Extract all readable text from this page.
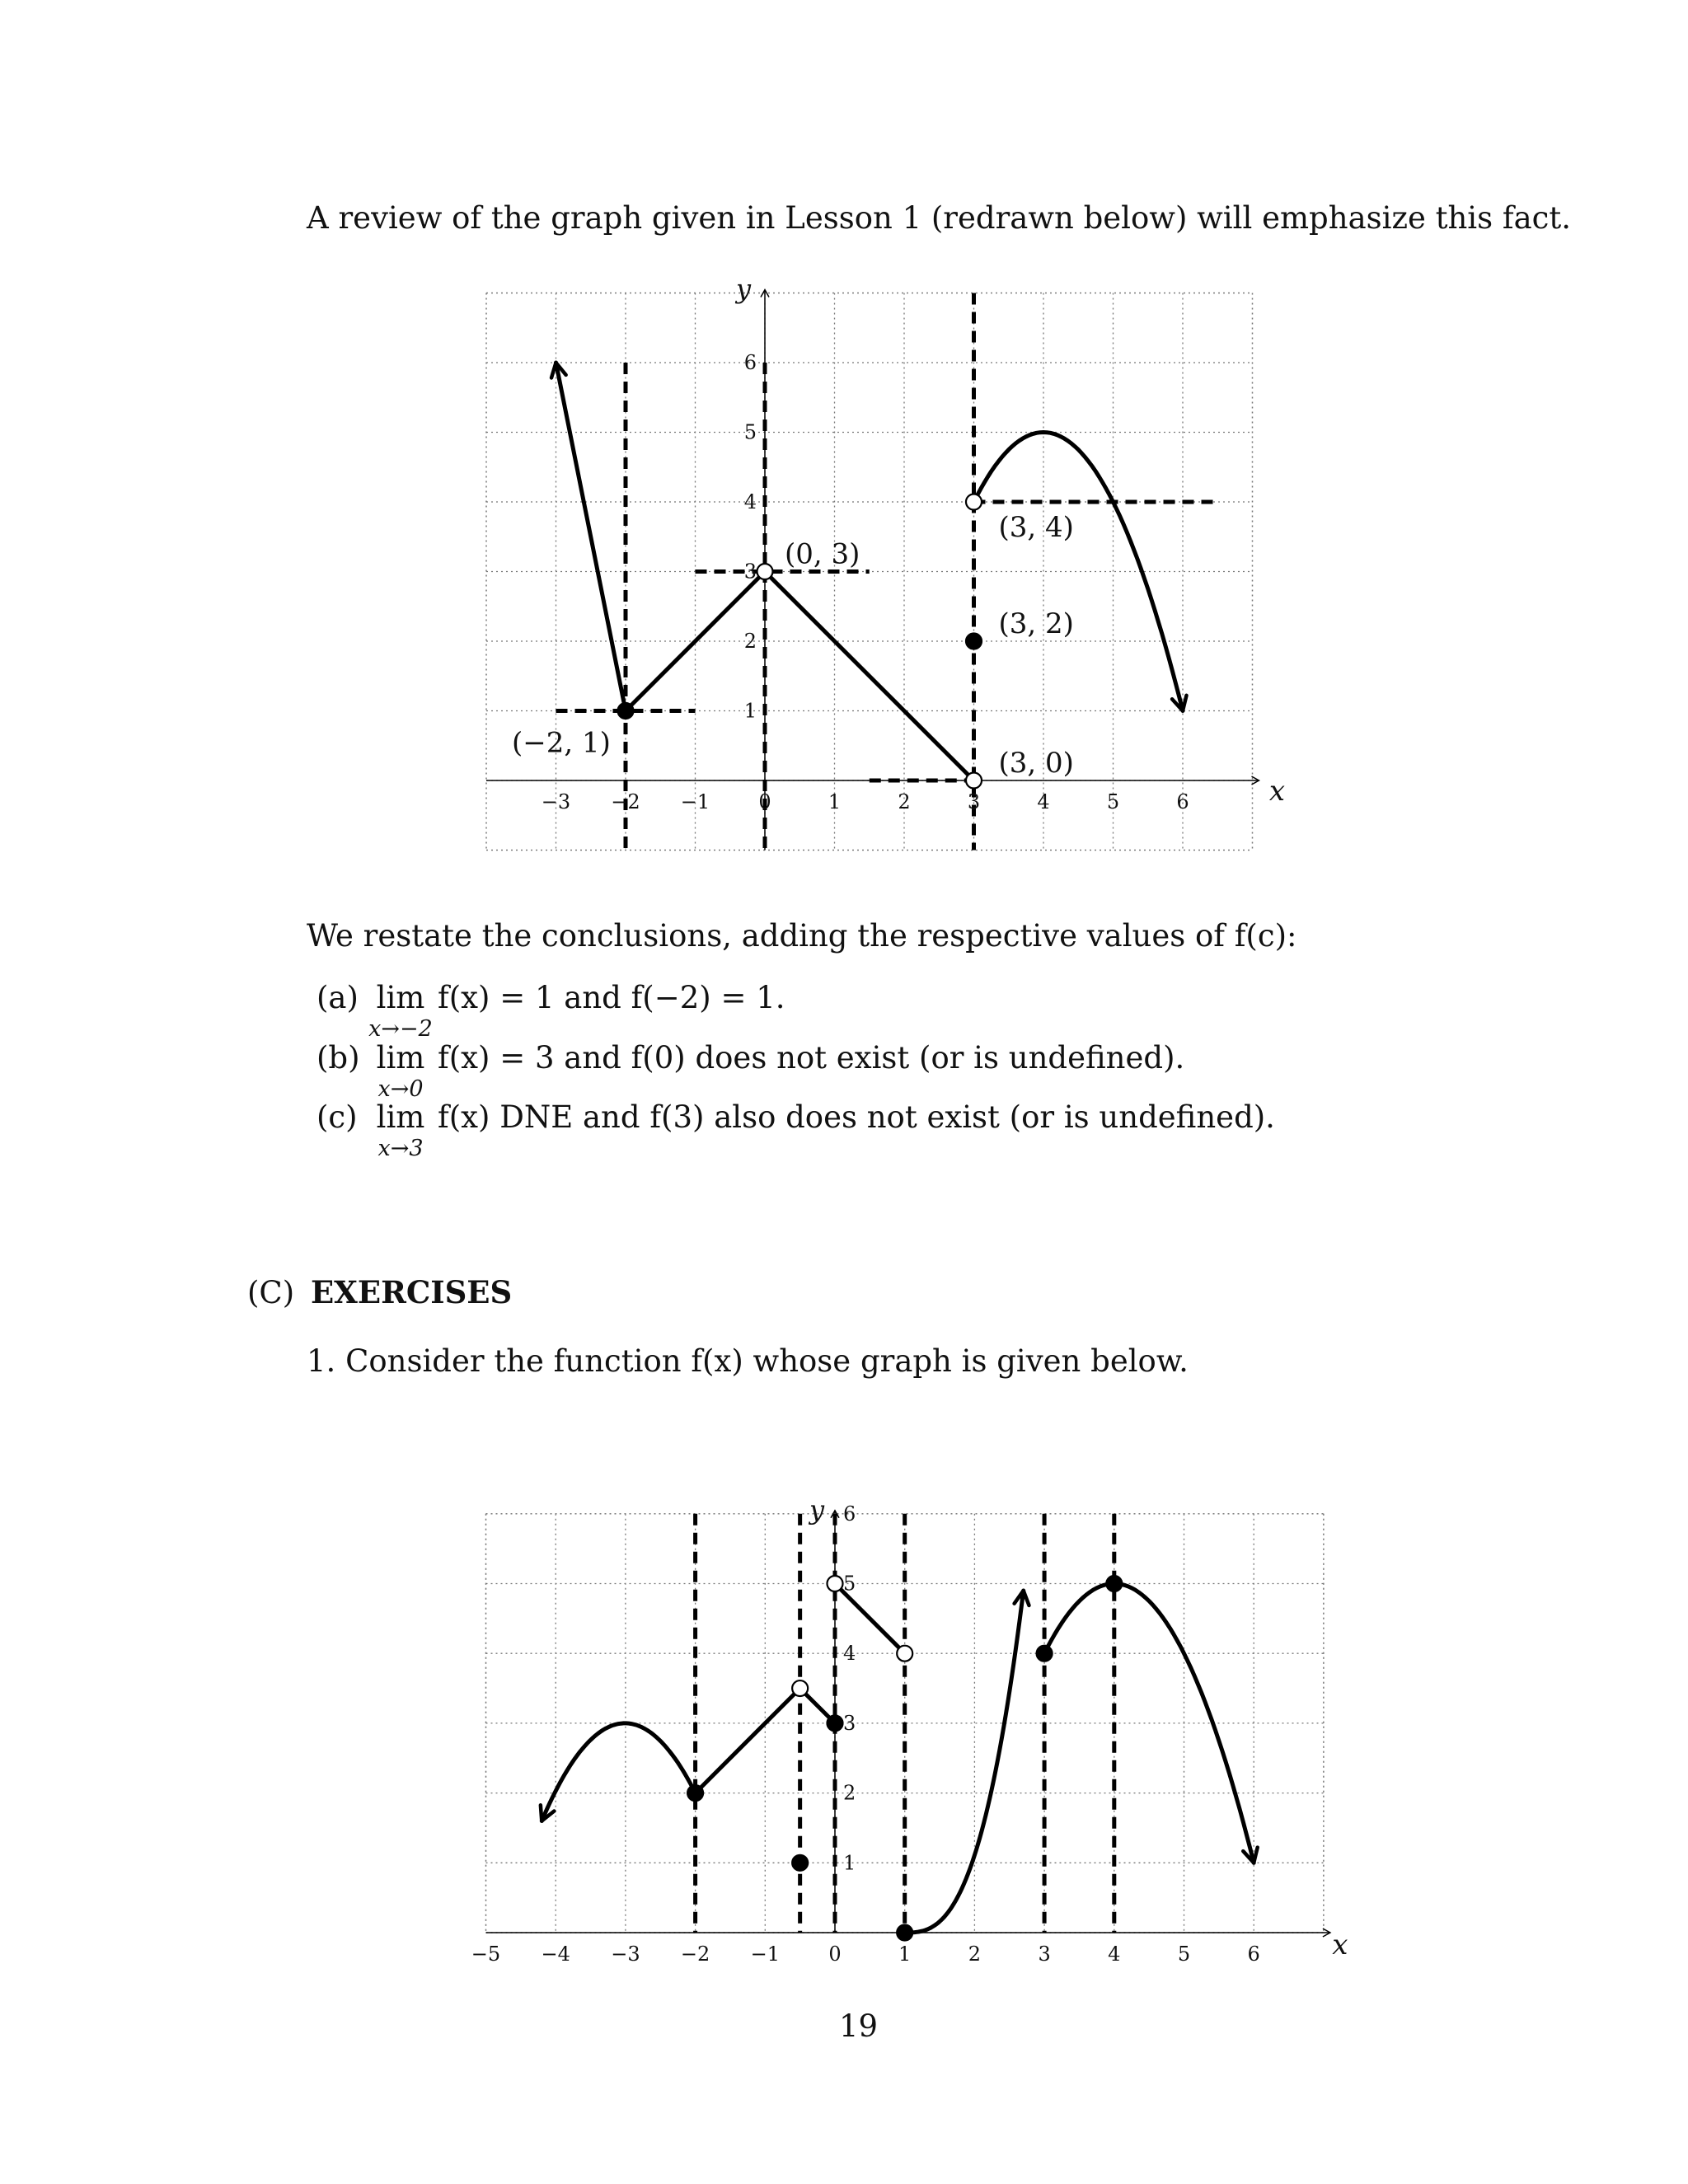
A review of the graph given in Lesson 1 (redrawn below) will emphasize this fact.
−3 −2 −1 0	1	2	3	4	5	6
1
2
3
4
5
6
x
y
(−2, 1)
(0, 3)
(3, 4)
(3, 2)
(3, 0)
We restate the conclusions, adding the respective values of f(c):
(a) lim
x→−2
f(x) = 1 and f(−2) = 1.
(b) lim
x→0
f(x) = 3 and f(0) does not exist (or is undefined).
(c) lim
x→3
f(x) DNE and f(3) also does not exist (or is undefined).
(C) EXERCISES
1. Consider the function f(x) whose graph is given below.
−5 −4 −3 −2 −1 0	1	2	3	4	5	6
1
2
3
4
5
6
x
y
19
